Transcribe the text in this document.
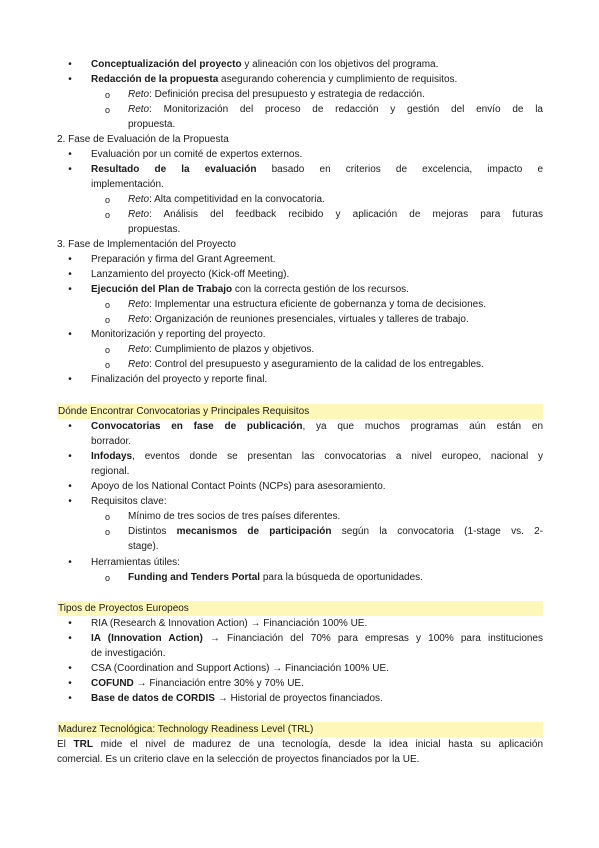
• Conceptualización del proyecto y alineación con los objetivos del programa.
• Redacción de la propuesta asegurando coherencia y cumplimiento de requisitos.
o Reto: Definición precisa del presupuesto y estrategia de redacción.
o Reto: Monitorización del proceso de redacción y gestión del envío de la
propuesta.
2. Fase de Evaluación de la Propuesta
• Evaluación por un comité de expertos externos.
• Resultado de la evaluación basado en criterios de excelencia, impacto e
implementación.
o Reto: Alta competitividad en la convocatoria.
o Reto: Análisis del feedback recibido y aplicación de mejoras para futuras
propuestas.
3. Fase de Implementación del Proyecto
• Preparación y firma del Grant Agreement.
• Lanzamiento del proyecto (Kick-off Meeting).
• Ejecución del Plan de Trabajo con la correcta gestión de los recursos.
o Reto: Implementar una estructura eficiente de gobernanza y toma de decisiones.
o Reto: Organización de reuniones presenciales, virtuales y talleres de trabajo.
• Monitorización y reporting del proyecto.
o Reto: Cumplimiento de plazos y objetivos.
o Reto: Control del presupuesto y aseguramiento de la calidad de los entregables.
• Finalización del proyecto y reporte final.
Dónde Encontrar Convocatorias y Principales Requisitos
• Convocatorias en fase de publicación, ya que muchos programas aún están en
borrador.
• Infodays, eventos donde se presentan las convocatorias a nivel europeo, nacional y
regional.
• Apoyo de los National Contact Points (NCPs) para asesoramiento.
• Requisitos clave:
o Mínimo de tres socios de tres países diferentes.
o Distintos mecanismos de participación según la convocatoria (1-stage vs. 2-
stage).
• Herramientas útiles:
o Funding and Tenders Portal para la búsqueda de oportunidades.
Tipos de Proyectos Europeos
• RIA (Research & Innovation Action) → Financiación 100% UE.
• IA (Innovation Action) → Financiación del 70% para empresas y 100% para instituciones
de investigación.
• CSA (Coordination and Support Actions) → Financiación 100% UE.
• COFUND → Financiación entre 30% y 70% UE.
• Base de datos de CORDIS → Historial de proyectos financiados.
Madurez Tecnológica: Technology Readiness Level (TRL)
El TRL mide el nivel de madurez de una tecnología, desde la idea inicial hasta su aplicación
comercial. Es un criterio clave en la selección de proyectos financiados por la UE.
